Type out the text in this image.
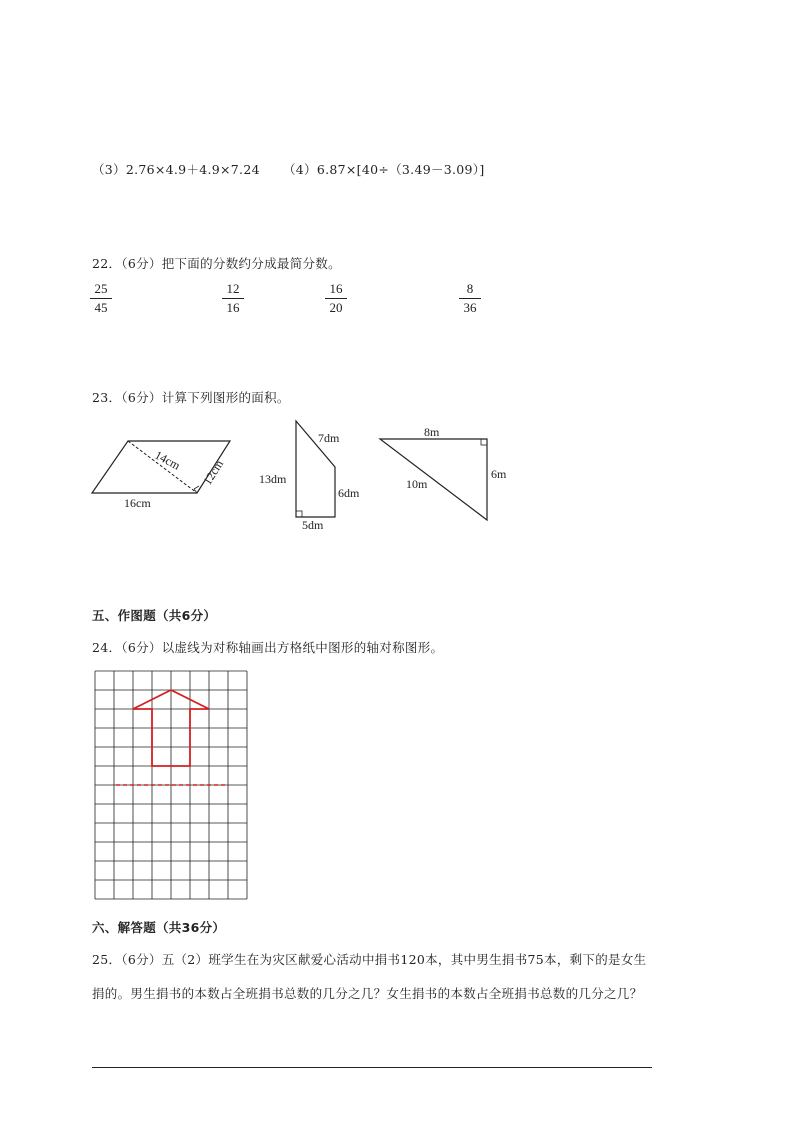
（3）2.76×4.9＋4.9×7.24 （4）6.87×[40÷（3.49－3.09）]
22．（6分）把下面的分数约分成最简分数。
25
45
12
16
16
20
8
36
23．（6分）计算下列图形的面积。
14cm 12cm
16cm
7dm
13dm
6dm
5dm
8m
6m
10m
五、作图题（共6分）
24．（6分）以虚线为对称轴画出方格纸中图形的轴对称图形。
六、解答题（共36分）
25．（6分）五（2）班学生在为灾区献爱心活动中捐书120本，其中男生捐书75本，剩下的是女生
捐的。男生捐书的本数占全班捐书总数的几分之几？女生捐书的本数占全班捐书总数的几分之几？
